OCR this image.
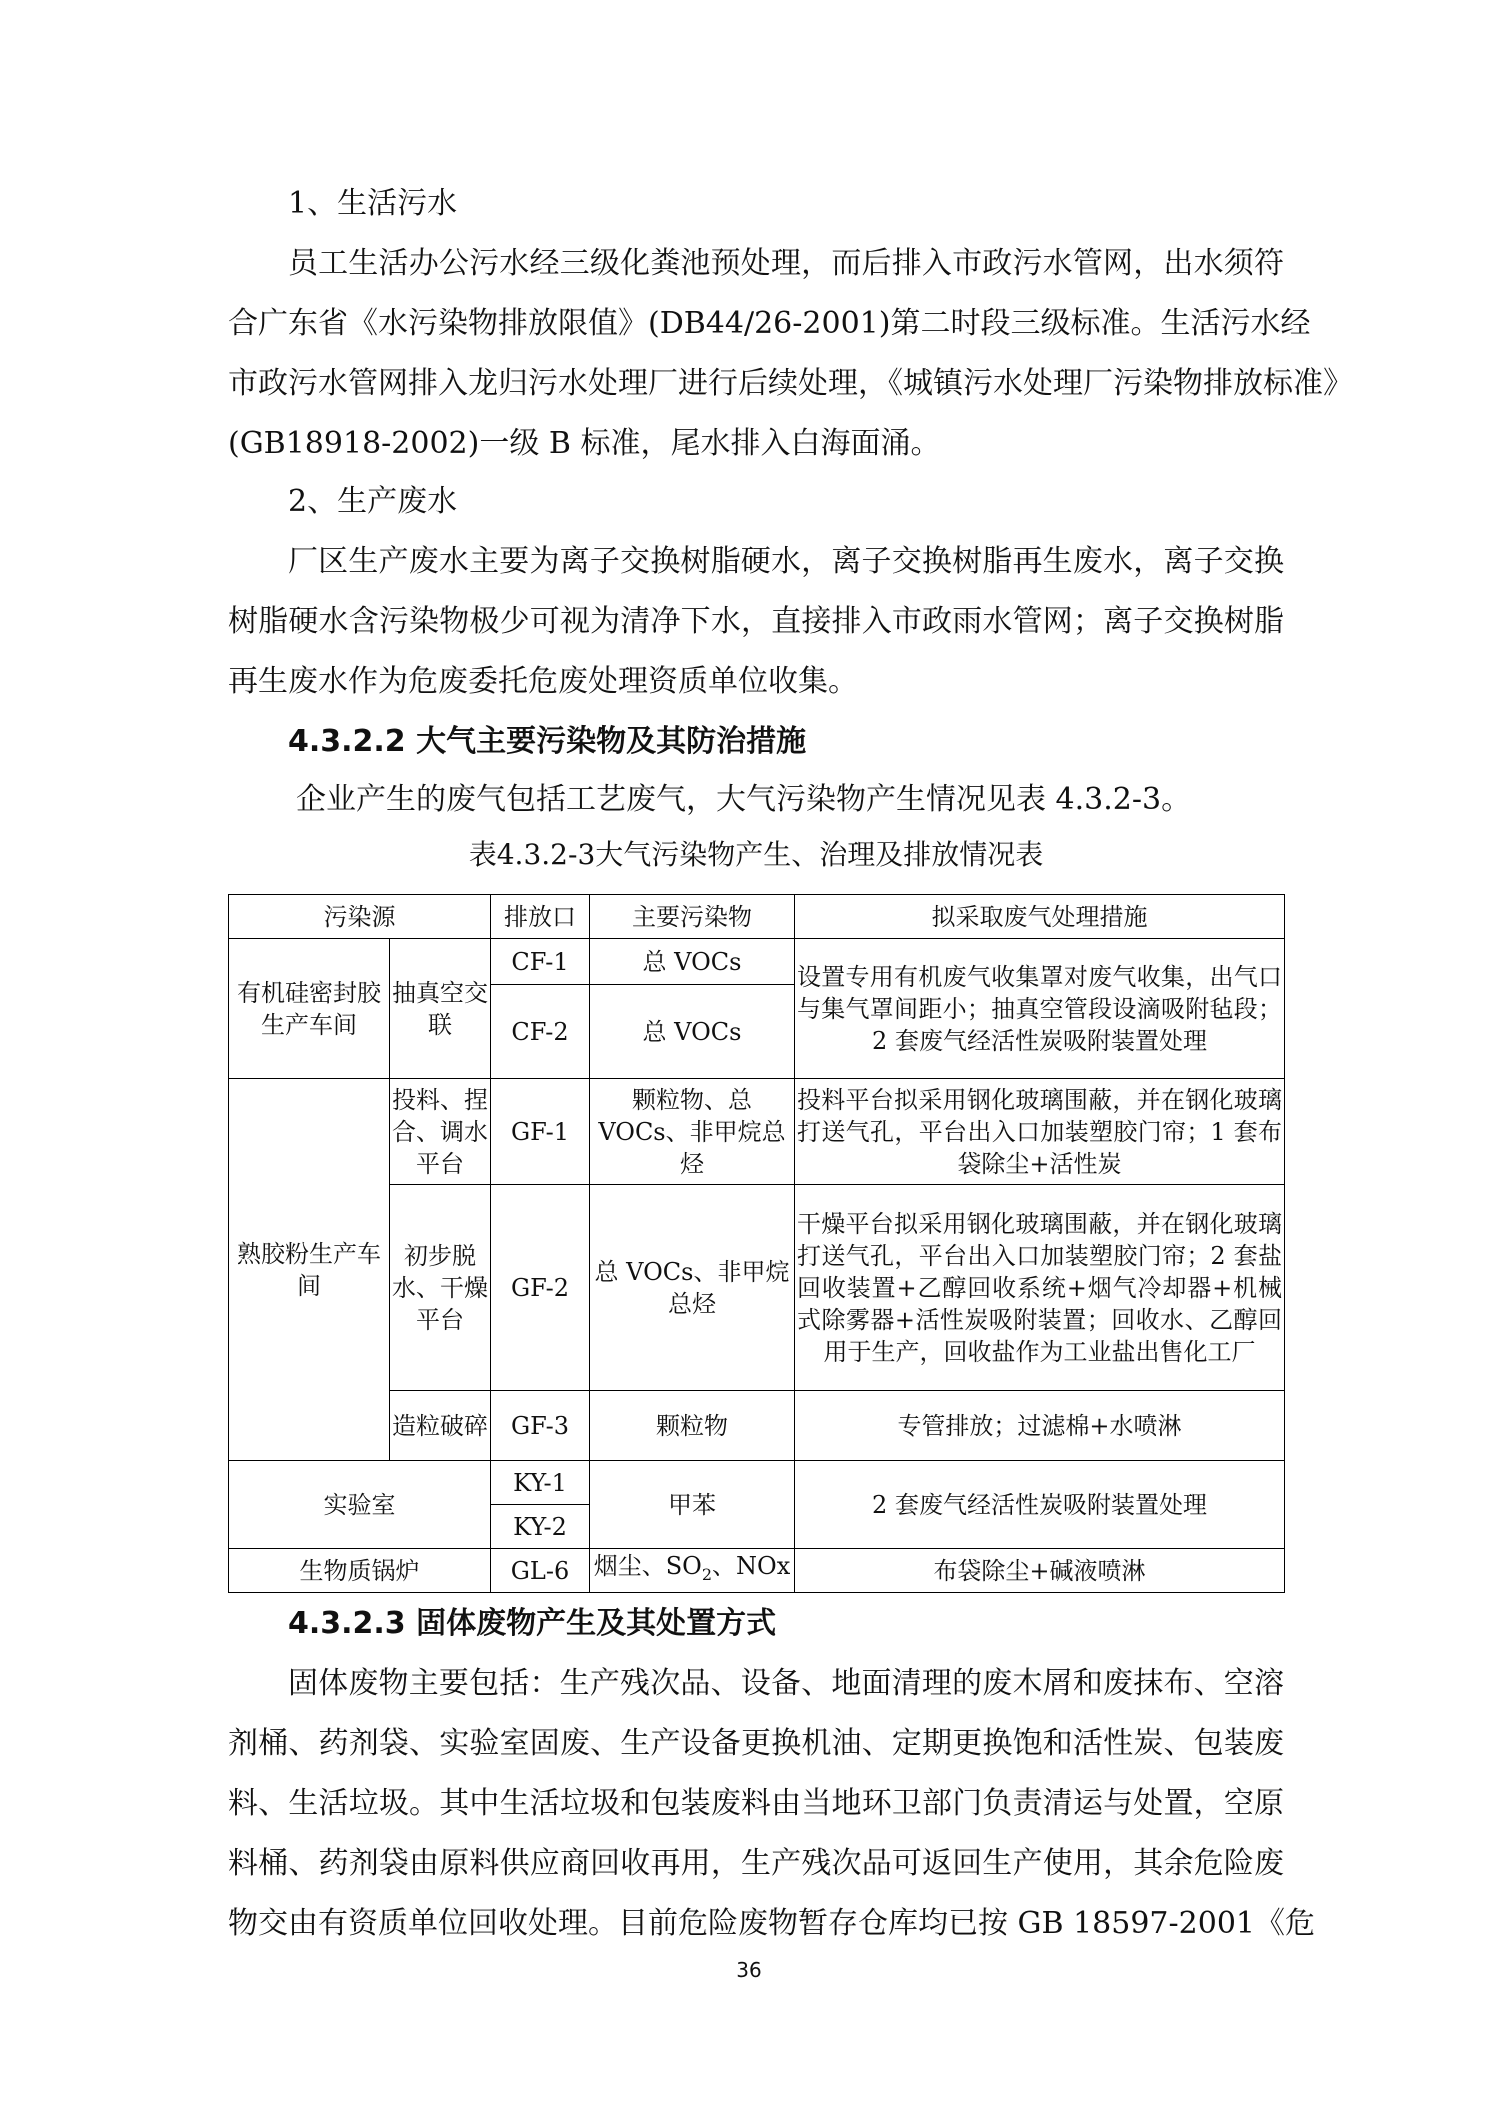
1、生活污水

员工生活办公污水经三级化粪池预处理，而后排入市政污水管网，出水须符

合广东省《水污染物排放限值》(DB44/26-2001)第二时段三级标准。生活污水经

市政污水管网排入龙归污水处理厂进行后续处理，《城镇污水处理厂污染物排放标准》

(GB18918-2002)一级 B 标准，尾水排入白海面涌。

2、生产废水

厂区生产废水主要为离子交换树脂硬水，离子交换树脂再生废水，离子交换

树脂硬水含污染物极少可视为清净下水，直接排入市政雨水管网；离子交换树脂

再生废水作为危废委托危废处理资质单位收集。

4.3.2.2 大气主要污染物及其防治措施

企业产生的废气包括工艺废气，大气污染物产生情况见表 4.3.2-3。

表4.3.2-3大气污染物产生、治理及排放情况表

污染源		排放口	主要污染物	拟采取废气处理措施
有机硅密封胶生产车间	抽真空交联	CF-1	总 VOCs	设置专用有机废气收集罩对废气收集，出气口与集气罩间距小；抽真空管段设滴吸附毡段；2 套废气经活性炭吸附装置处理
		CF-2	总 VOCs	
熟胶粉生产车间	投料、捏合、调水平台	GF-1	颗粒物、总 VOCs、非甲烷总烃	投料平台拟采用钢化玻璃围蔽，并在钢化玻璃打送气孔，平台出入口加装塑胶门帘；1 套布袋除尘+活性炭
	初步脱水、干燥平台	GF-2	总 VOCs、非甲烷总烃	干燥平台拟采用钢化玻璃围蔽，并在钢化玻璃打送气孔，平台出入口加装塑胶门帘；2 套盐回收装置+乙醇回收系统+烟气冷却器+机械式除雾器+活性炭吸附装置；回收水、乙醇回用于生产，回收盐作为工业盐出售化工厂
	造粒破碎	GF-3	颗粒物	专管排放；过滤棉+水喷淋
实验室		KY-1	甲苯	2 套废气经活性炭吸附装置处理
		KY-2		
生物质锅炉		GL-6	烟尘、$SO_2$、NOx	布袋除尘+碱液喷淋

4.3.2.3 固体废物产生及其处置方式

固体废物主要包括：生产残次品、设备、地面清理的废木屑和废抹布、空溶

剂桶、药剂袋、实验室固废、生产设备更换机油、定期更换饱和活性炭、包装废

料、生活垃圾。其中生活垃圾和包装废料由当地环卫部门负责清运与处置，空原

料桶、药剂袋由原料供应商回收再用，生产残次品可返回生产使用，其余危险废

物交由有资质单位回收处理。目前危险废物暂存仓库均已按 GB 18597-2001《危

36
